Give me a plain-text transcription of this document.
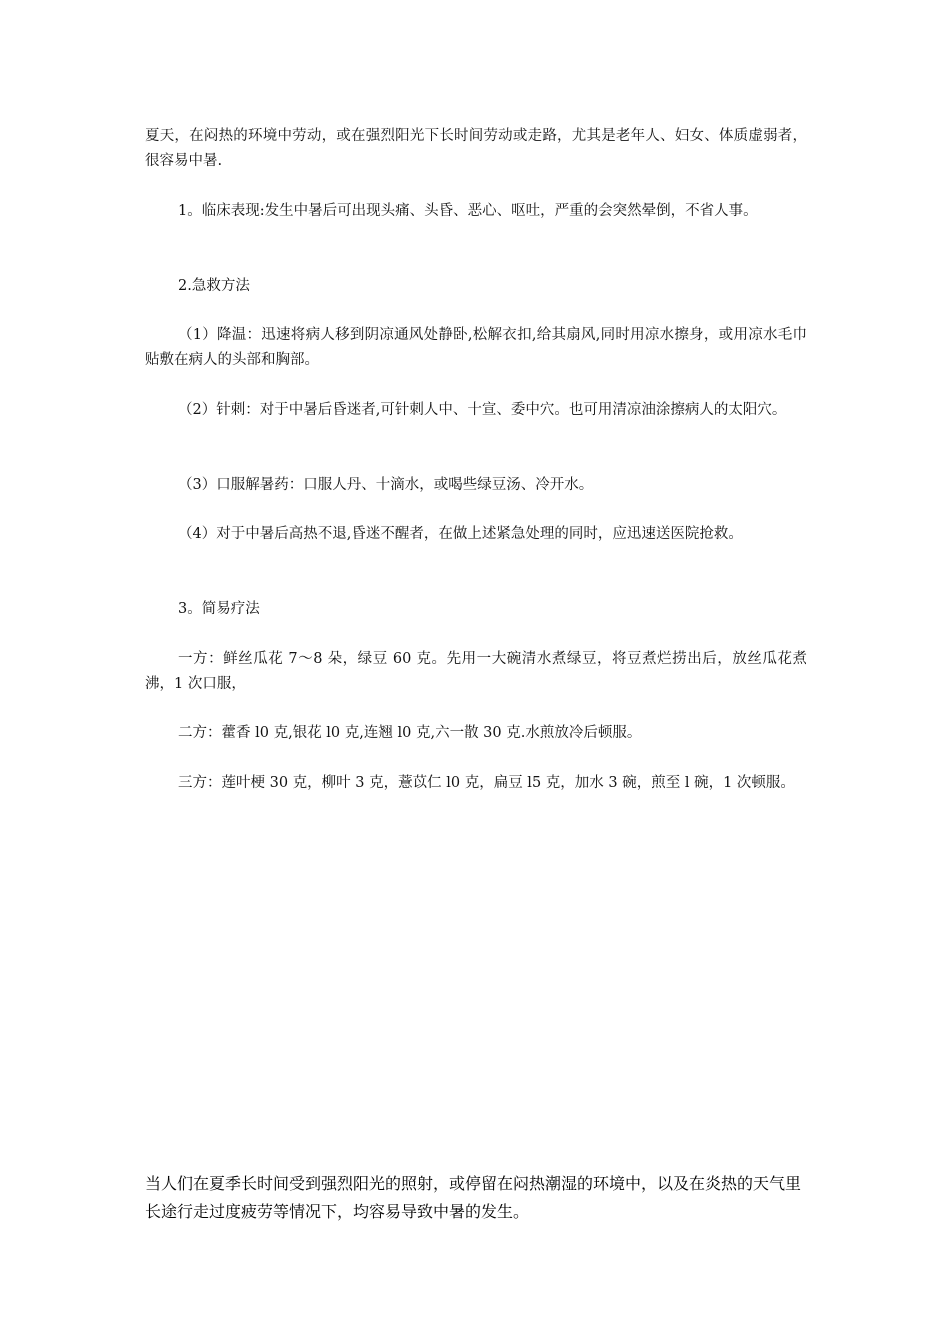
夏天，在闷热的环境中劳动，或在强烈阳光下长时间劳动或走路，尤其是老年人、妇女、体质虚弱者，很容易中暑.

1。临床表现:发生中暑后可出现头痛、头昏、恶心、呕吐，严重的会突然晕倒，不省人事。

2.急救方法

（1）降温：迅速将病人移到阴凉通风处静卧,松解衣扣,给其扇风,同时用凉水擦身，或用凉水毛巾贴敷在病人的头部和胸部。

（2）针刺：对于中暑后昏迷者,可针刺人中、十宣、委中穴。也可用清凉油涂擦病人的太阳穴。

（3）口服解暑药：口服人丹、十滴水，或喝些绿豆汤、冷开水。

（4）对于中暑后高热不退,昏迷不醒者，在做上述紧急处理的同时，应迅速送医院抢救。

3。简易疗法

一方：鲜丝瓜花 7～8 朵，绿豆 60 克。先用一大碗清水煮绿豆，将豆煮烂捞出后，放丝瓜花煮沸，1 次口服，

二方：藿香 l0 克,银花 l0 克,连翘 l0 克,六一散 30 克.水煎放冷后顿服。

三方：莲叶梗 30 克，柳叶 3 克，薏苡仁 l0 克，扁豆 l5 克，加水 3 碗，煎至 l 碗，1 次顿服。

当人们在夏季长时间受到强烈阳光的照射，或停留在闷热潮湿的环境中，以及在炎热的天气里长途行走过度疲劳等情况下，均容易导致中暑的发生。
